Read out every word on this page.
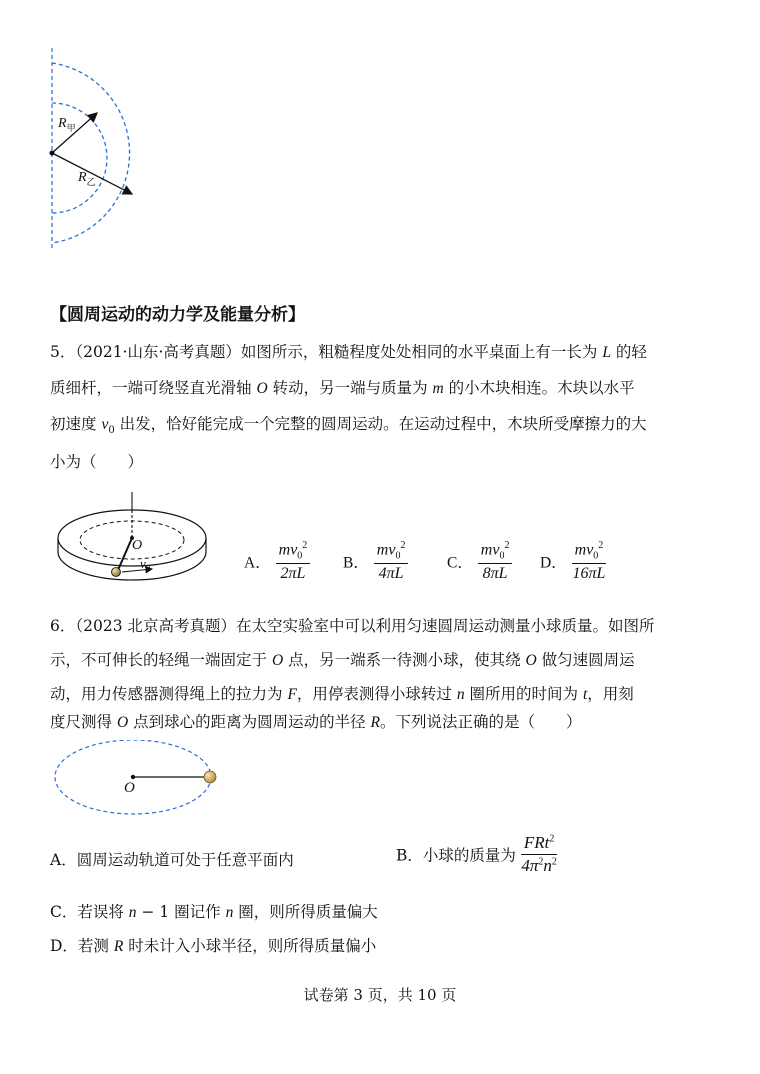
$R_甲$
$R_乙$
【圆周运动的动力学及能量分析】
5．（2021·山东·高考真题）如图所示，粗糙程度处处相同的水平桌面上有一长为 L 的轻
质细杆，一端可绕竖直光滑轴 O 转动，另一端与质量为 m 的小木块相连。木块以水平
初速度 $v_0$ 出发，恰好能完成一个完整的圆周运动。在运动过程中，木块所受摩擦力的大
小为（　　）
O
$v_0$	A． $\frac{mv_0^2}{2\pi L}$ B． $\frac{mv_0^2}{4\pi L}$ C． $\frac{mv_0^2}{8\pi L}$ D． $\frac{mv_0^2}{16\pi L}$
6．（2023 北京高考真题）在太空实验室中可以利用匀速圆周运动测量小球质量。如图所
示，不可伸长的轻绳一端固定于 O 点，另一端系一待测小球，使其绕 O 做匀速圆周运
动，用力传感器测得绳上的拉力为 F，用停表测得小球转过 n 圈所用的时间为 t，用刻
度尺测得 O 点到球心的距离为圆周运动的半径 R。下列说法正确的是（　　）
O
A．圆周运动轨道可处于任意平面内	B．小球的质量为 $\frac{FRt^2}{4\pi^2n^2}$
C．若误将 n − 1 圈记作 n 圈，则所得质量偏大
D．若测 R 时未计入小球半径，则所得质量偏小
试卷第 3 页，共 10 页
